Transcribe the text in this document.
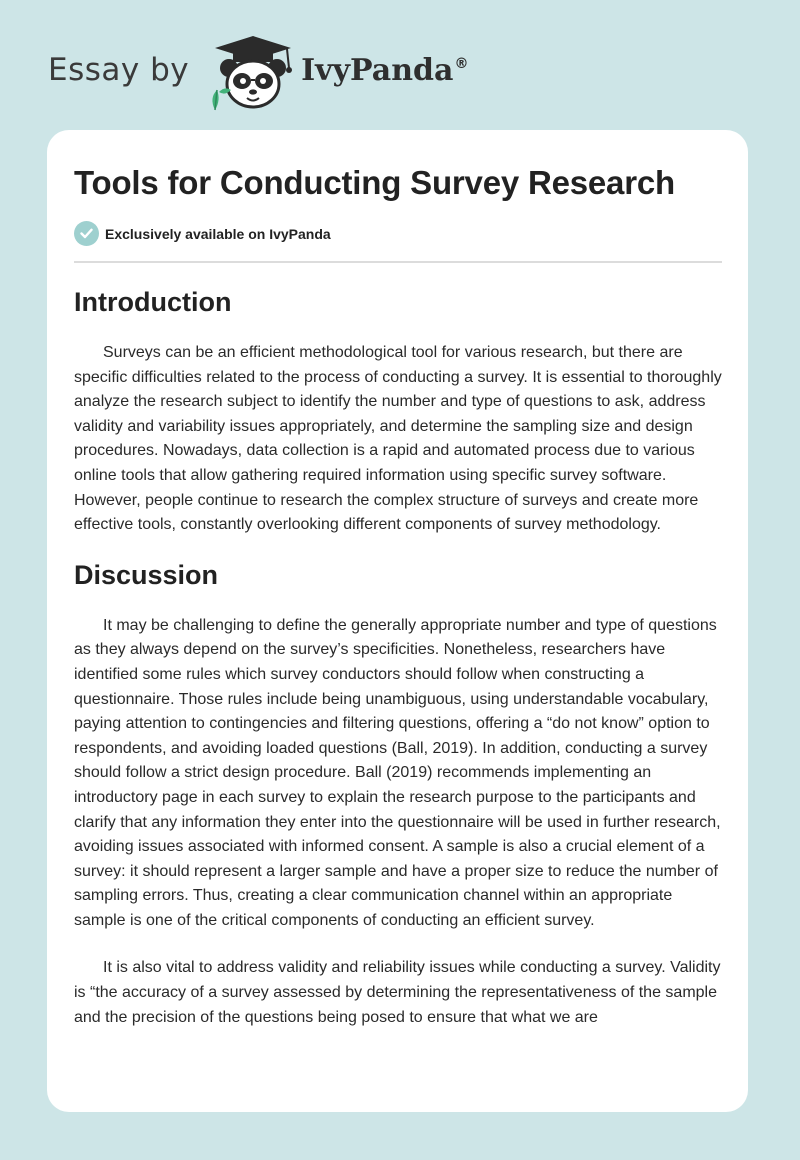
Essay by	IvyPanda ®
Tools for Conducting Survey Research
Exclusively available on IvyPanda
Introduction

Surveys can be an efficient methodological tool for various research, but there are specific difficulties related to the process of conducting a survey. It is essential to thoroughly analyze the research subject to identify the number and type of questions to ask, address validity and variability issues appropriately, and determine the sampling size and design procedures. Nowadays, data collection is a rapid and automated process due to various online tools that allow gathering required information using specific survey software. However, people continue to research the complex structure of surveys and create more effective tools, constantly overlooking different components of survey methodology.

Discussion

It may be challenging to define the generally appropriate number and type of questions as they always depend on the survey’s specificities. Nonetheless, researchers have identified some rules which survey conductors should follow when constructing a questionnaire. Those rules include being unambiguous, using understandable vocabulary, paying attention to contingencies and filtering questions, offering a “do not know” option to respondents, and avoiding loaded questions (Ball, 2019). In addition, conducting a survey should follow a strict design procedure. Ball (2019) recommends implementing an introductory page in each survey to explain the research purpose to the participants and clarify that any information they enter into the questionnaire will be used in further research, avoiding issues associated with informed consent. A sample is also a crucial element of a survey: it should represent a larger sample and have a proper size to reduce the number of sampling errors. Thus, creating a clear communication channel within an appropriate sample is one of the critical components of conducting an efficient survey.

It is also vital to address validity and reliability issues while conducting a survey. Validity is “the accuracy of a survey assessed by determining the representativeness of the sample and the precision of the questions being posed to ensure that what we are
